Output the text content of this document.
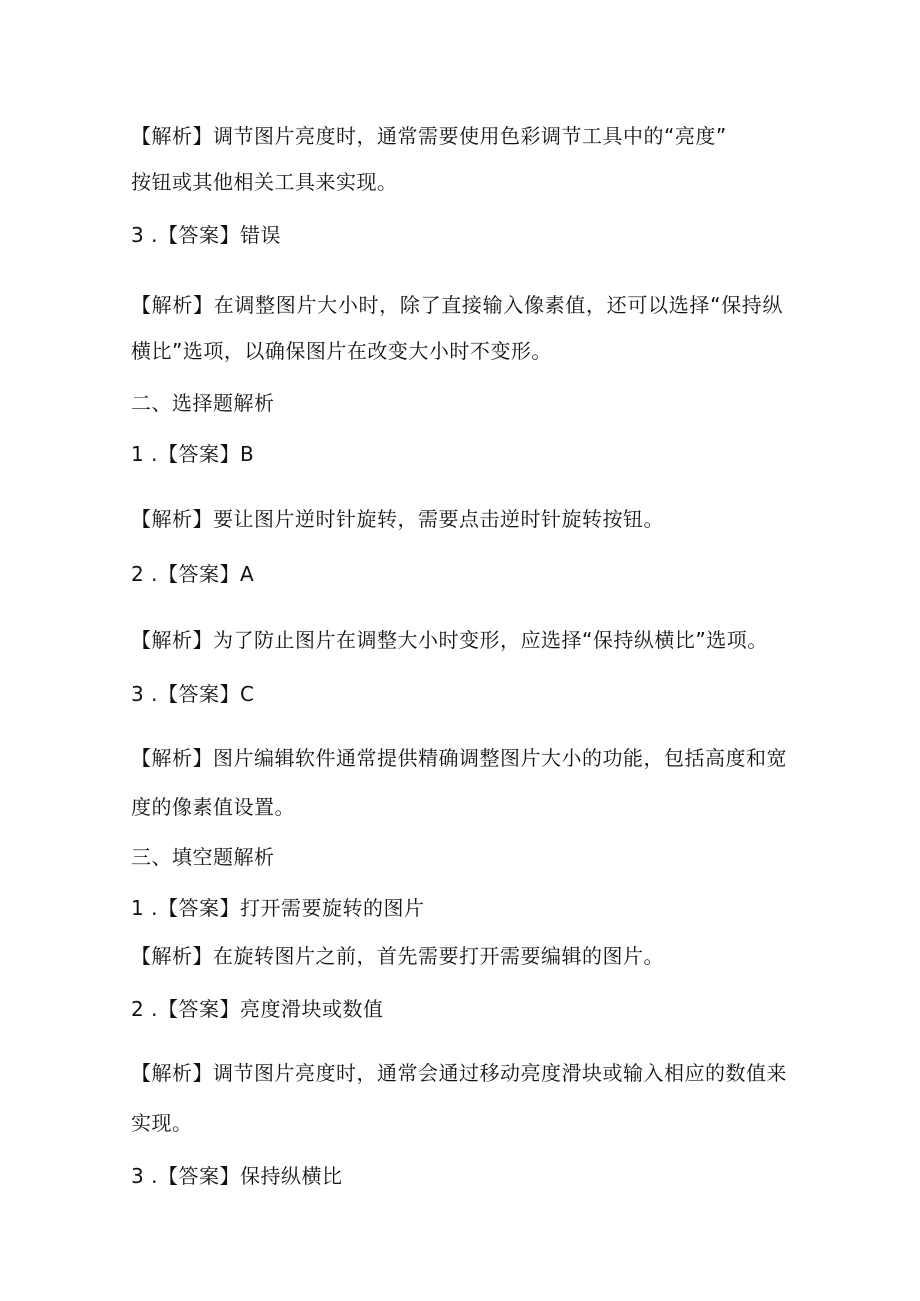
【解析】调节图片亮度时，通常需要使用色彩调节工具中的“亮度”
按钮或其他相关工具来实现。
3 .【答案】错误
【解析】在调整图片大小时，除了直接输入像素值，还可以选择“保持纵
横比”选项，以确保图片在改变大小时不变形。
二、选择题解析
1 .【答案】B
【解析】要让图片逆时针旋转，需要点击逆时针旋转按钮。
2 .【答案】A
【解析】为了防止图片在调整大小时变形，应选择“保持纵横比”选项。
3 .【答案】C
【解析】图片编辑软件通常提供精确调整图片大小的功能，包括高度和宽
度的像素值设置。
三、填空题解析
1 .【答案】打开需要旋转的图片
【解析】在旋转图片之前，首先需要打开需要编辑的图片。
2 .【答案】亮度滑块或数值
【解析】调节图片亮度时，通常会通过移动亮度滑块或输入相应的数值来
实现。
3 .【答案】保持纵横比
